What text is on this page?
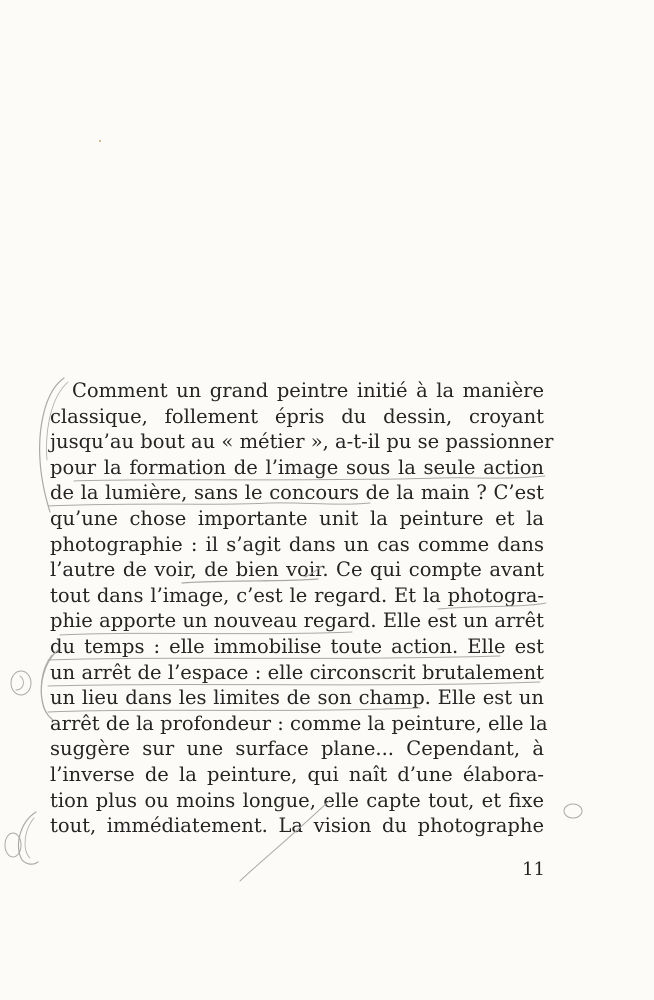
Comment un grand peintre initié à la manière
classique, follement épris du dessin, croyant
jusqu’au bout au « métier », a-t-il pu se passionner
pour la formation de l’image sous la seule action
de la lumière, sans le concours de la main ? C’est
qu’une chose importante unit la peinture et la
photographie : il s’agit dans un cas comme dans
l’autre de voir, de bien voir. Ce qui compte avant
tout dans l’image, c’est le regard. Et la photogra-
phie apporte un nouveau regard. Elle est un arrêt
du temps : elle immobilise toute action. Elle est
un arrêt de l’espace : elle circonscrit brutalement
un lieu dans les limites de son champ. Elle est un
arrêt de la profondeur : comme la peinture, elle la
suggère sur une surface plane... Cependant, à
l’inverse de la peinture, qui naît d’une élabora-
tion plus ou moins longue, elle capte tout, et fixe
tout, immédiatement. La vision du photographe
11
